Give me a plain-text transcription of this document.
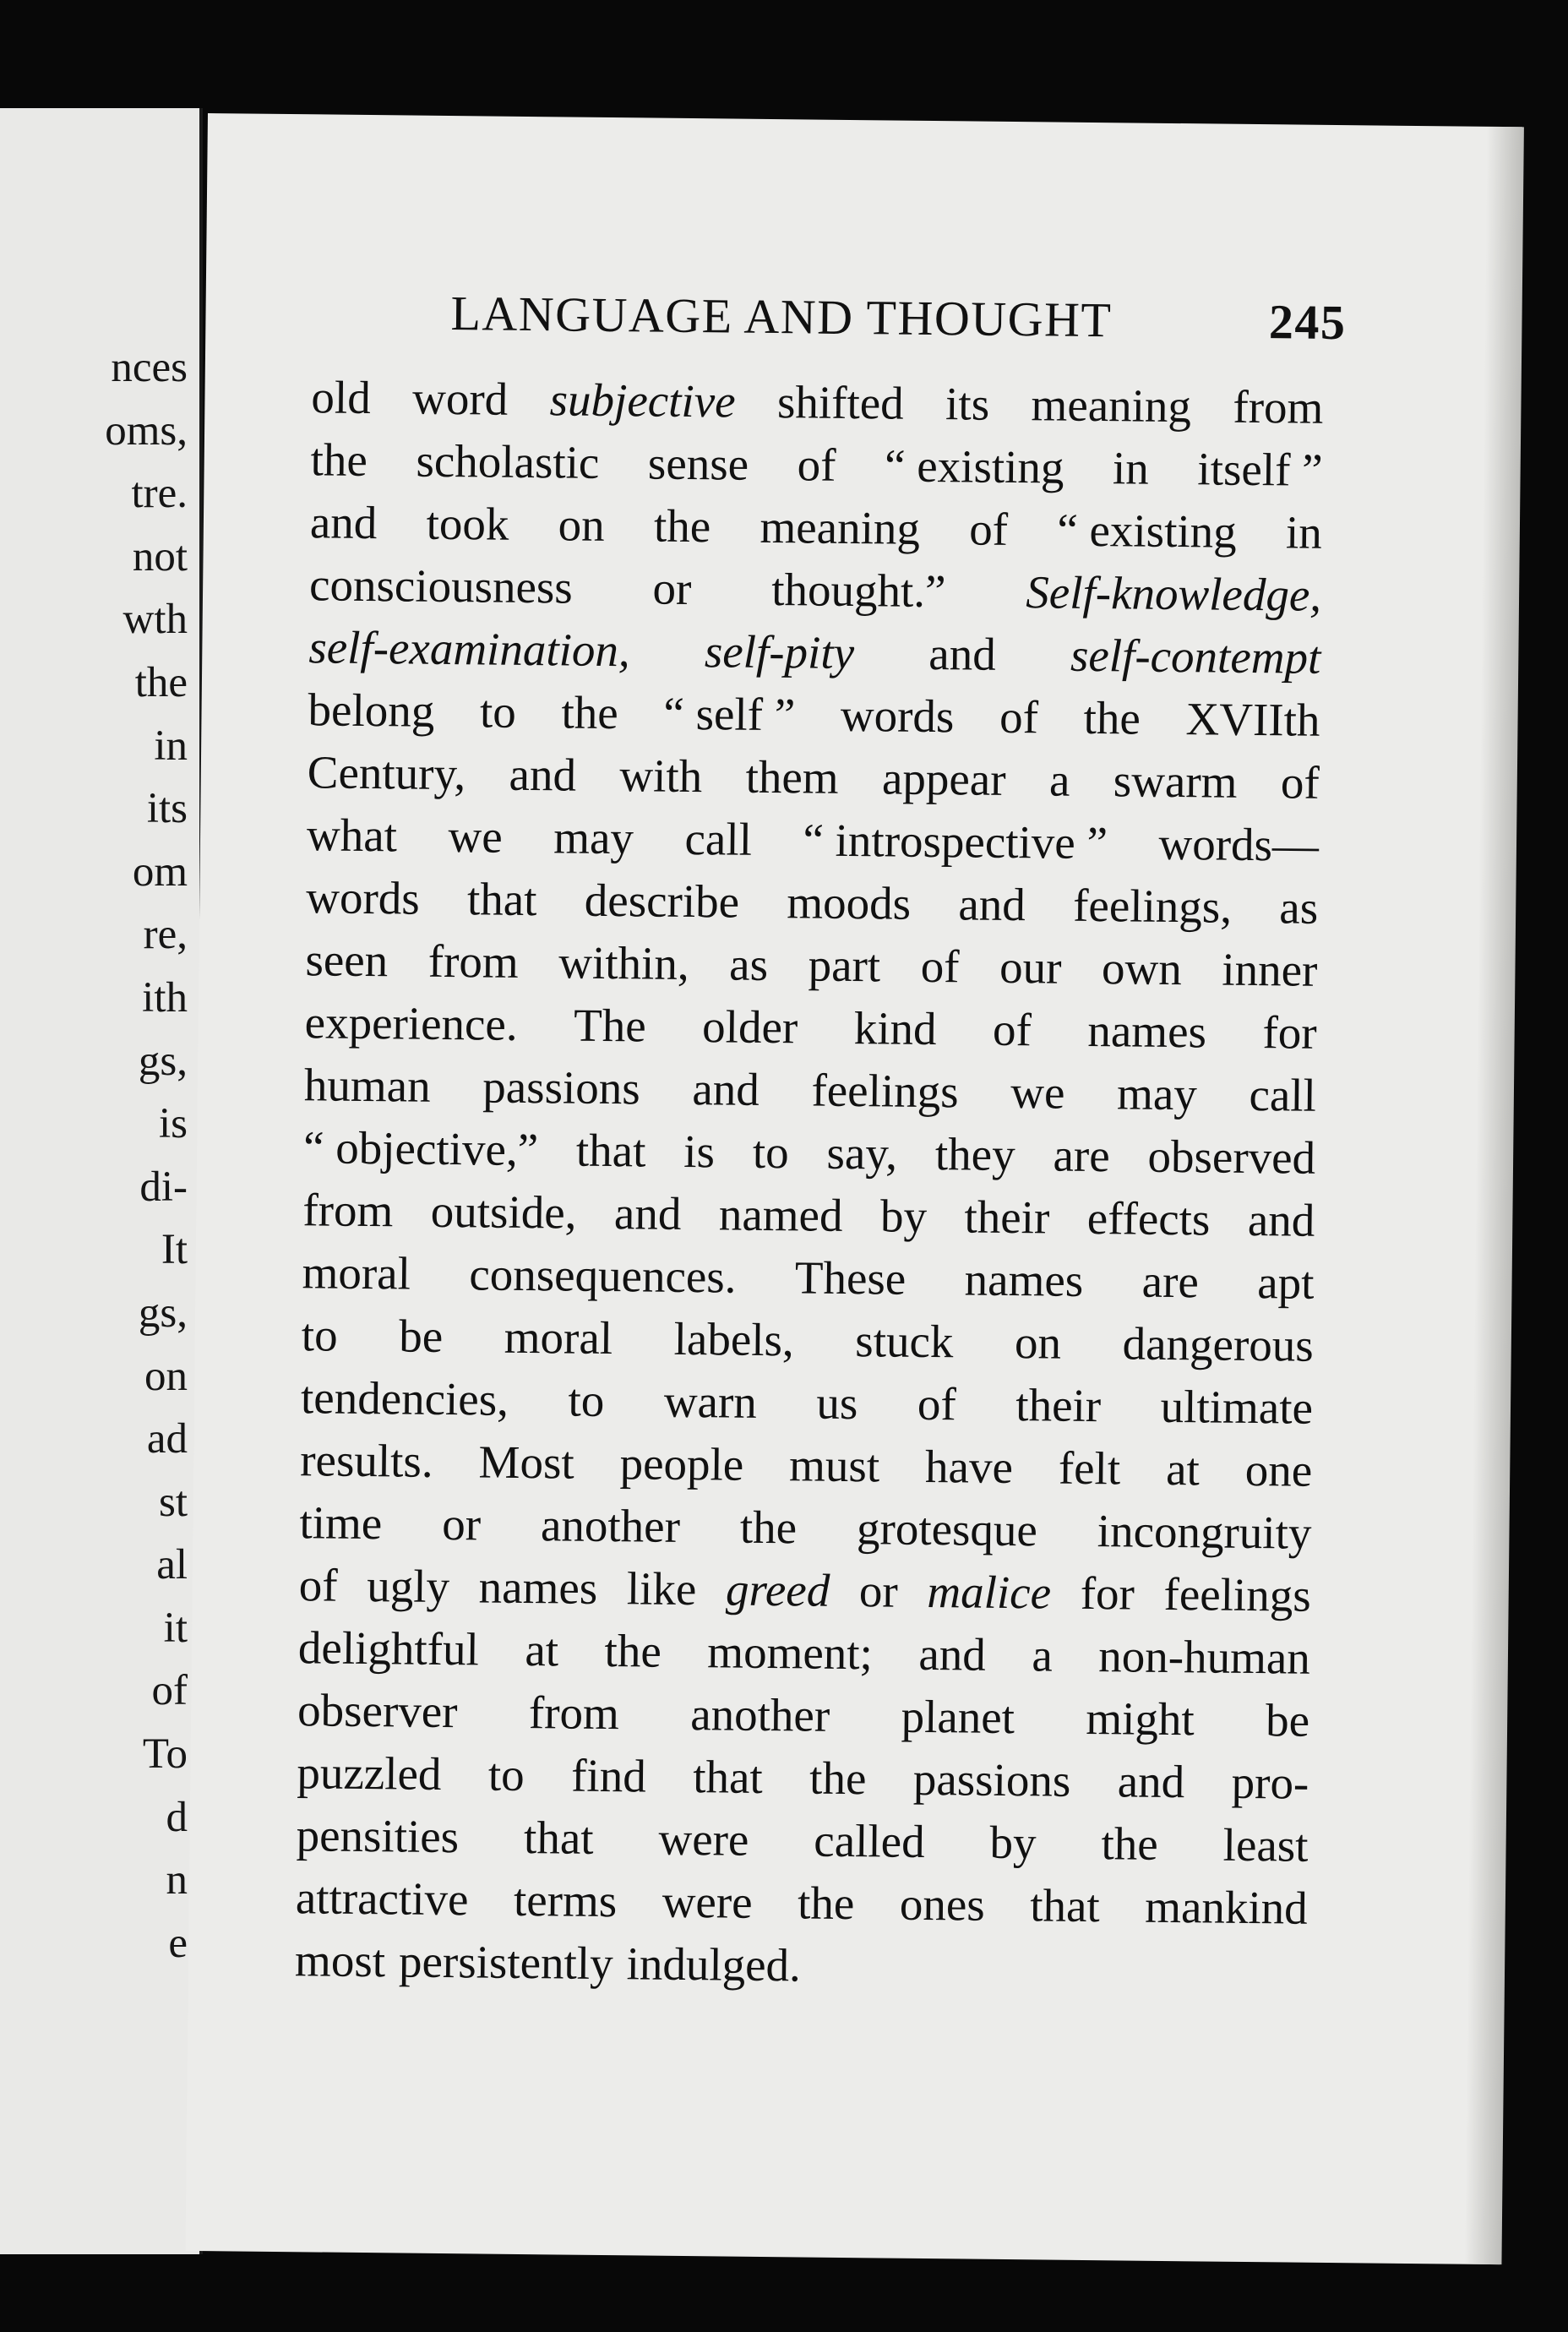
nces
oms,
tre.
not
wth
the
in
its
om
re,
ith
gs,
is
di-
It
gs,
on
ad
st
al
it
of
To
d
n
e
LANGUAGE AND THOUGHT	245
old word subjective shifted its meaning from
the scholastic sense of “ existing in itself ”
and took on the meaning of “ existing in
consciousness or thought.” Self-knowledge,
self-examination, self-pity and self-contempt
belong to the “ self ” words of the XVIIth
Century, and with them appear a swarm of
what we may call “ introspective ” words—
words that describe moods and feelings, as
seen from within, as part of our own inner
experience. The older kind of names for
human passions and feelings we may call
“ objective,” that is to say, they are observed
from outside, and named by their effects and
moral consequences. These names are apt
to be moral labels, stuck on dangerous
tendencies, to warn us of their ultimate
results. Most people must have felt at one
time or another the grotesque incongruity
of ugly names like greed or malice for feelings
delightful at the moment; and a non-human
observer from another planet might be
puzzled to find that the passions and pro-
pensities that were called by the least
attractive terms were the ones that mankind
most persistently indulged.
